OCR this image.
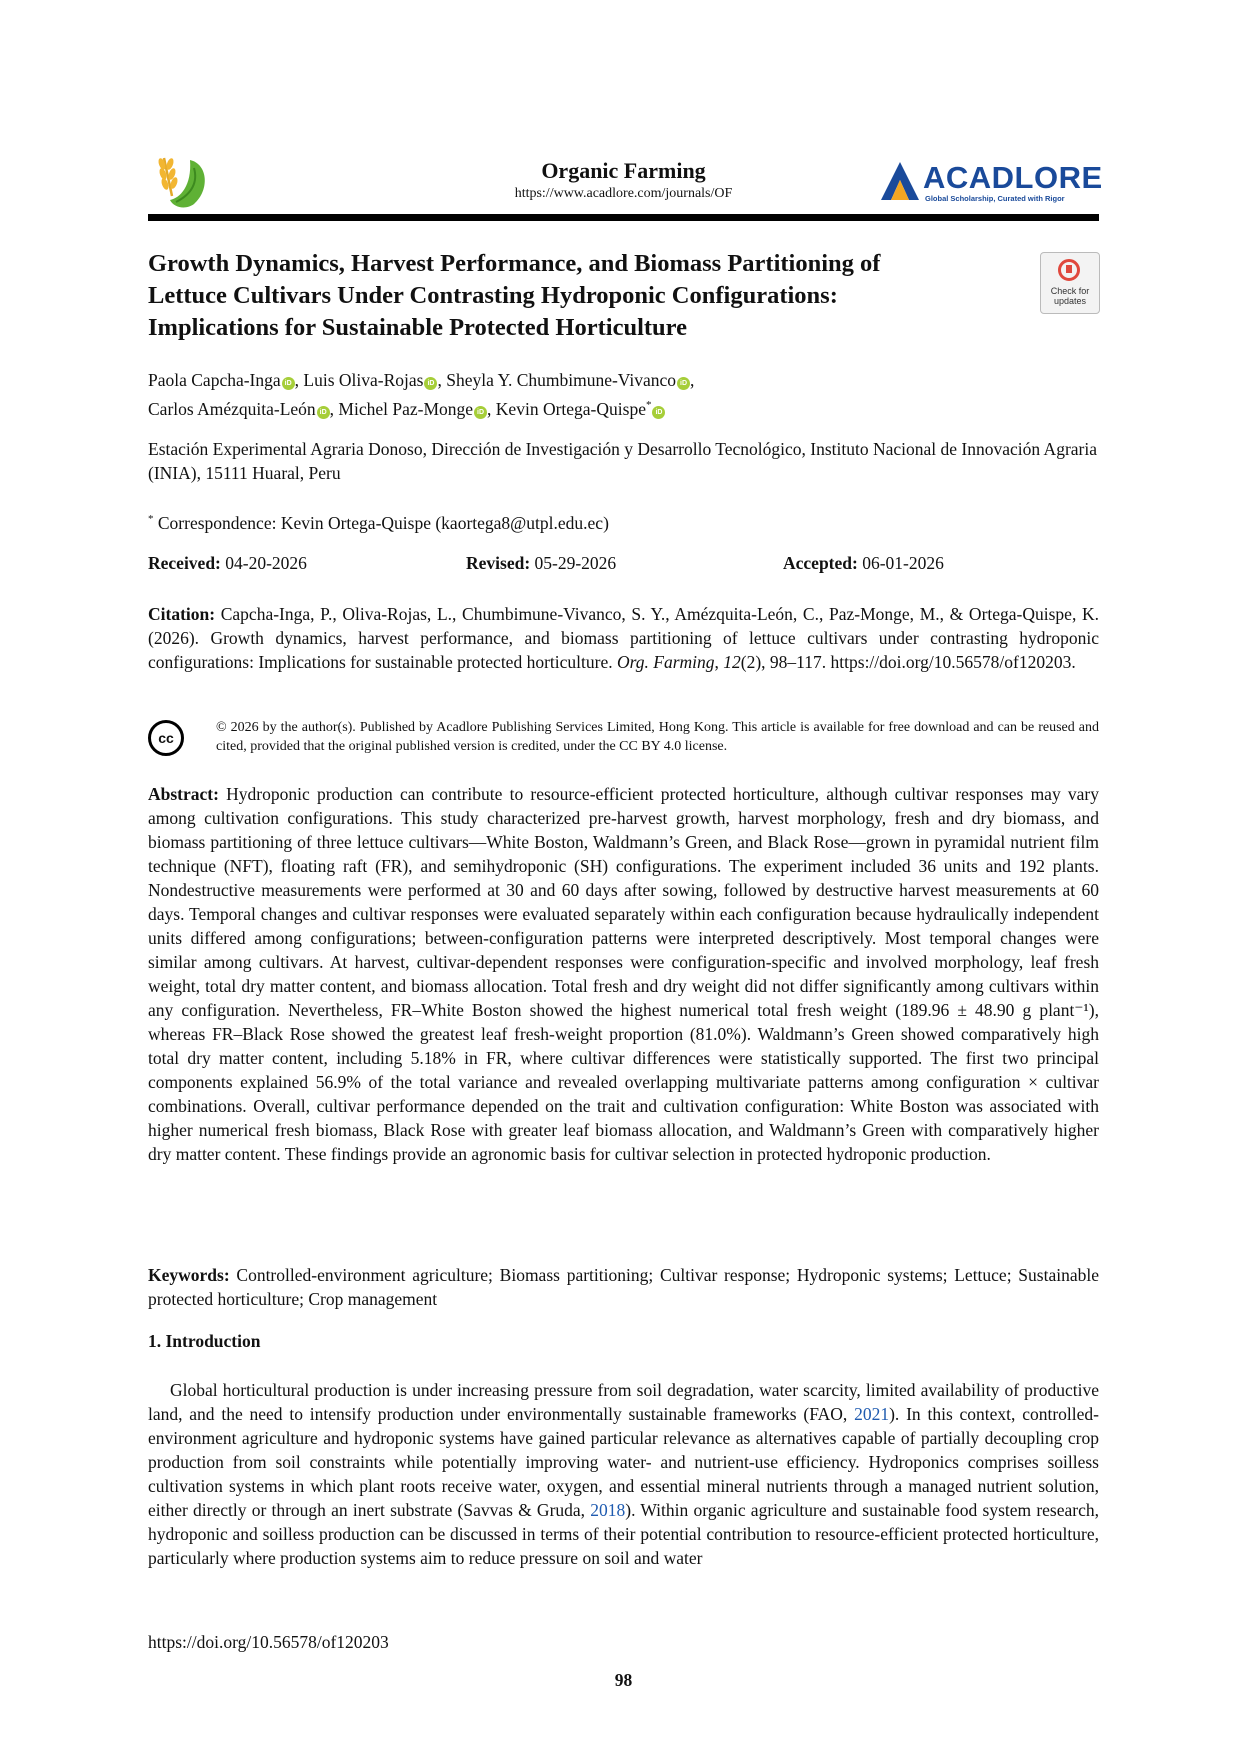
Organic Farming
https://www.acadlore.com/journals/OF	ACADLORE
Global Scholarship, Curated with Rigor
Growth Dynamics, Harvest Performance, and Biomass Partitioning of Lettuce Cultivars Under Contrasting Hydroponic Configurations: Implications for Sustainable Protected Horticulture
Check for updates
Paola Capcha-Inga iD , Luis Oliva-Rojas iD , Sheyla Y. Chumbimune-Vivanco iD ,
Carlos Amézquita-León iD , Michel Paz-Monge iD , Kevin Ortega-Quispe*iD
Estación Experimental Agraria Donoso, Dirección de Investigación y Desarrollo Tecnológico, Instituto Nacional de Innovación Agraria (INIA), 15111 Huaral, Peru
* Correspondence: Kevin Ortega-Quispe (kaortega8@utpl.edu.ec)
Received: 04-20-2026	Revised: 05-29-2026	Accepted: 06-01-2026
Citation: Capcha-Inga, P., Oliva-Rojas, L., Chumbimune-Vivanco, S. Y., Amézquita-León, C., Paz-Monge, M., & Ortega-Quispe, K. (2026). Growth dynamics, harvest performance, and biomass partitioning of lettuce cultivars under contrasting hydroponic configurations: Implications for sustainable protected horticulture. Org. Farming, 12(2), 98–117. https://doi.org/10.56578/of120203.
cc
© 2026 by the author(s). Published by Acadlore Publishing Services Limited, Hong Kong. This article is available for free download and can be reused and cited, provided that the original published version is credited, under the CC BY 4.0 license.
Abstract: Hydroponic production can contribute to resource-efficient protected horticulture, although cultivar responses may vary among cultivation configurations. This study characterized pre-harvest growth, harvest morphology, fresh and dry biomass, and biomass partitioning of three lettuce cultivars—White Boston, Waldmann’s Green, and Black Rose—grown in pyramidal nutrient film technique (NFT), floating raft (FR), and semihydroponic (SH) configurations. The experiment included 36 units and 192 plants. Nondestructive measurements were performed at 30 and 60 days after sowing, followed by destructive harvest measurements at 60 days. Temporal changes and cultivar responses were evaluated separately within each configuration because hydraulically independent units differed among configurations; between-configuration patterns were interpreted descriptively. Most temporal changes were similar among cultivars. At harvest, cultivar-dependent responses were configuration-specific and involved morphology, leaf fresh weight, total dry matter content, and biomass allocation. Total fresh and dry weight did not differ significantly among cultivars within any configuration. Nevertheless, FR–White Boston showed the highest numerical total fresh weight (189.96 ± 48.90 g plant⁻¹), whereas FR–Black Rose showed the greatest leaf fresh-weight proportion (81.0%). Waldmann’s Green showed comparatively high total dry matter content, including 5.18% in FR, where cultivar differences were statistically supported. The first two principal components explained 56.9% of the total variance and revealed overlapping multivariate patterns among configuration × cultivar combinations. Overall, cultivar performance depended on the trait and cultivation configuration: White Boston was associated with higher numerical fresh biomass, Black Rose with greater leaf biomass allocation, and Waldmann’s Green with comparatively higher dry matter content. These findings provide an agronomic basis for cultivar selection in protected hydroponic production.
Keywords: Controlled-environment agriculture; Biomass partitioning; Cultivar response; Hydroponic systems; Lettuce; Sustainable protected horticulture; Crop management
1. Introduction
Global horticultural production is under increasing pressure from soil degradation, water scarcity, limited availability of productive land, and the need to intensify production under environmentally sustainable frameworks (FAO, 2021). In this context, controlled-environment agriculture and hydroponic systems have gained particular relevance as alternatives capable of partially decoupling crop production from soil constraints while potentially improving water- and nutrient-use efficiency. Hydroponics comprises soilless cultivation systems in which plant roots receive water, oxygen, and essential mineral nutrients through a managed nutrient solution, either directly or through an inert substrate (Savvas & Gruda, 2018). Within organic agriculture and sustainable food system research, hydroponic and soilless production can be discussed in terms of their potential contribution to resource-efficient protected horticulture, particularly where production systems aim to reduce pressure on soil and water
https://doi.org/10.56578/of120203
98
